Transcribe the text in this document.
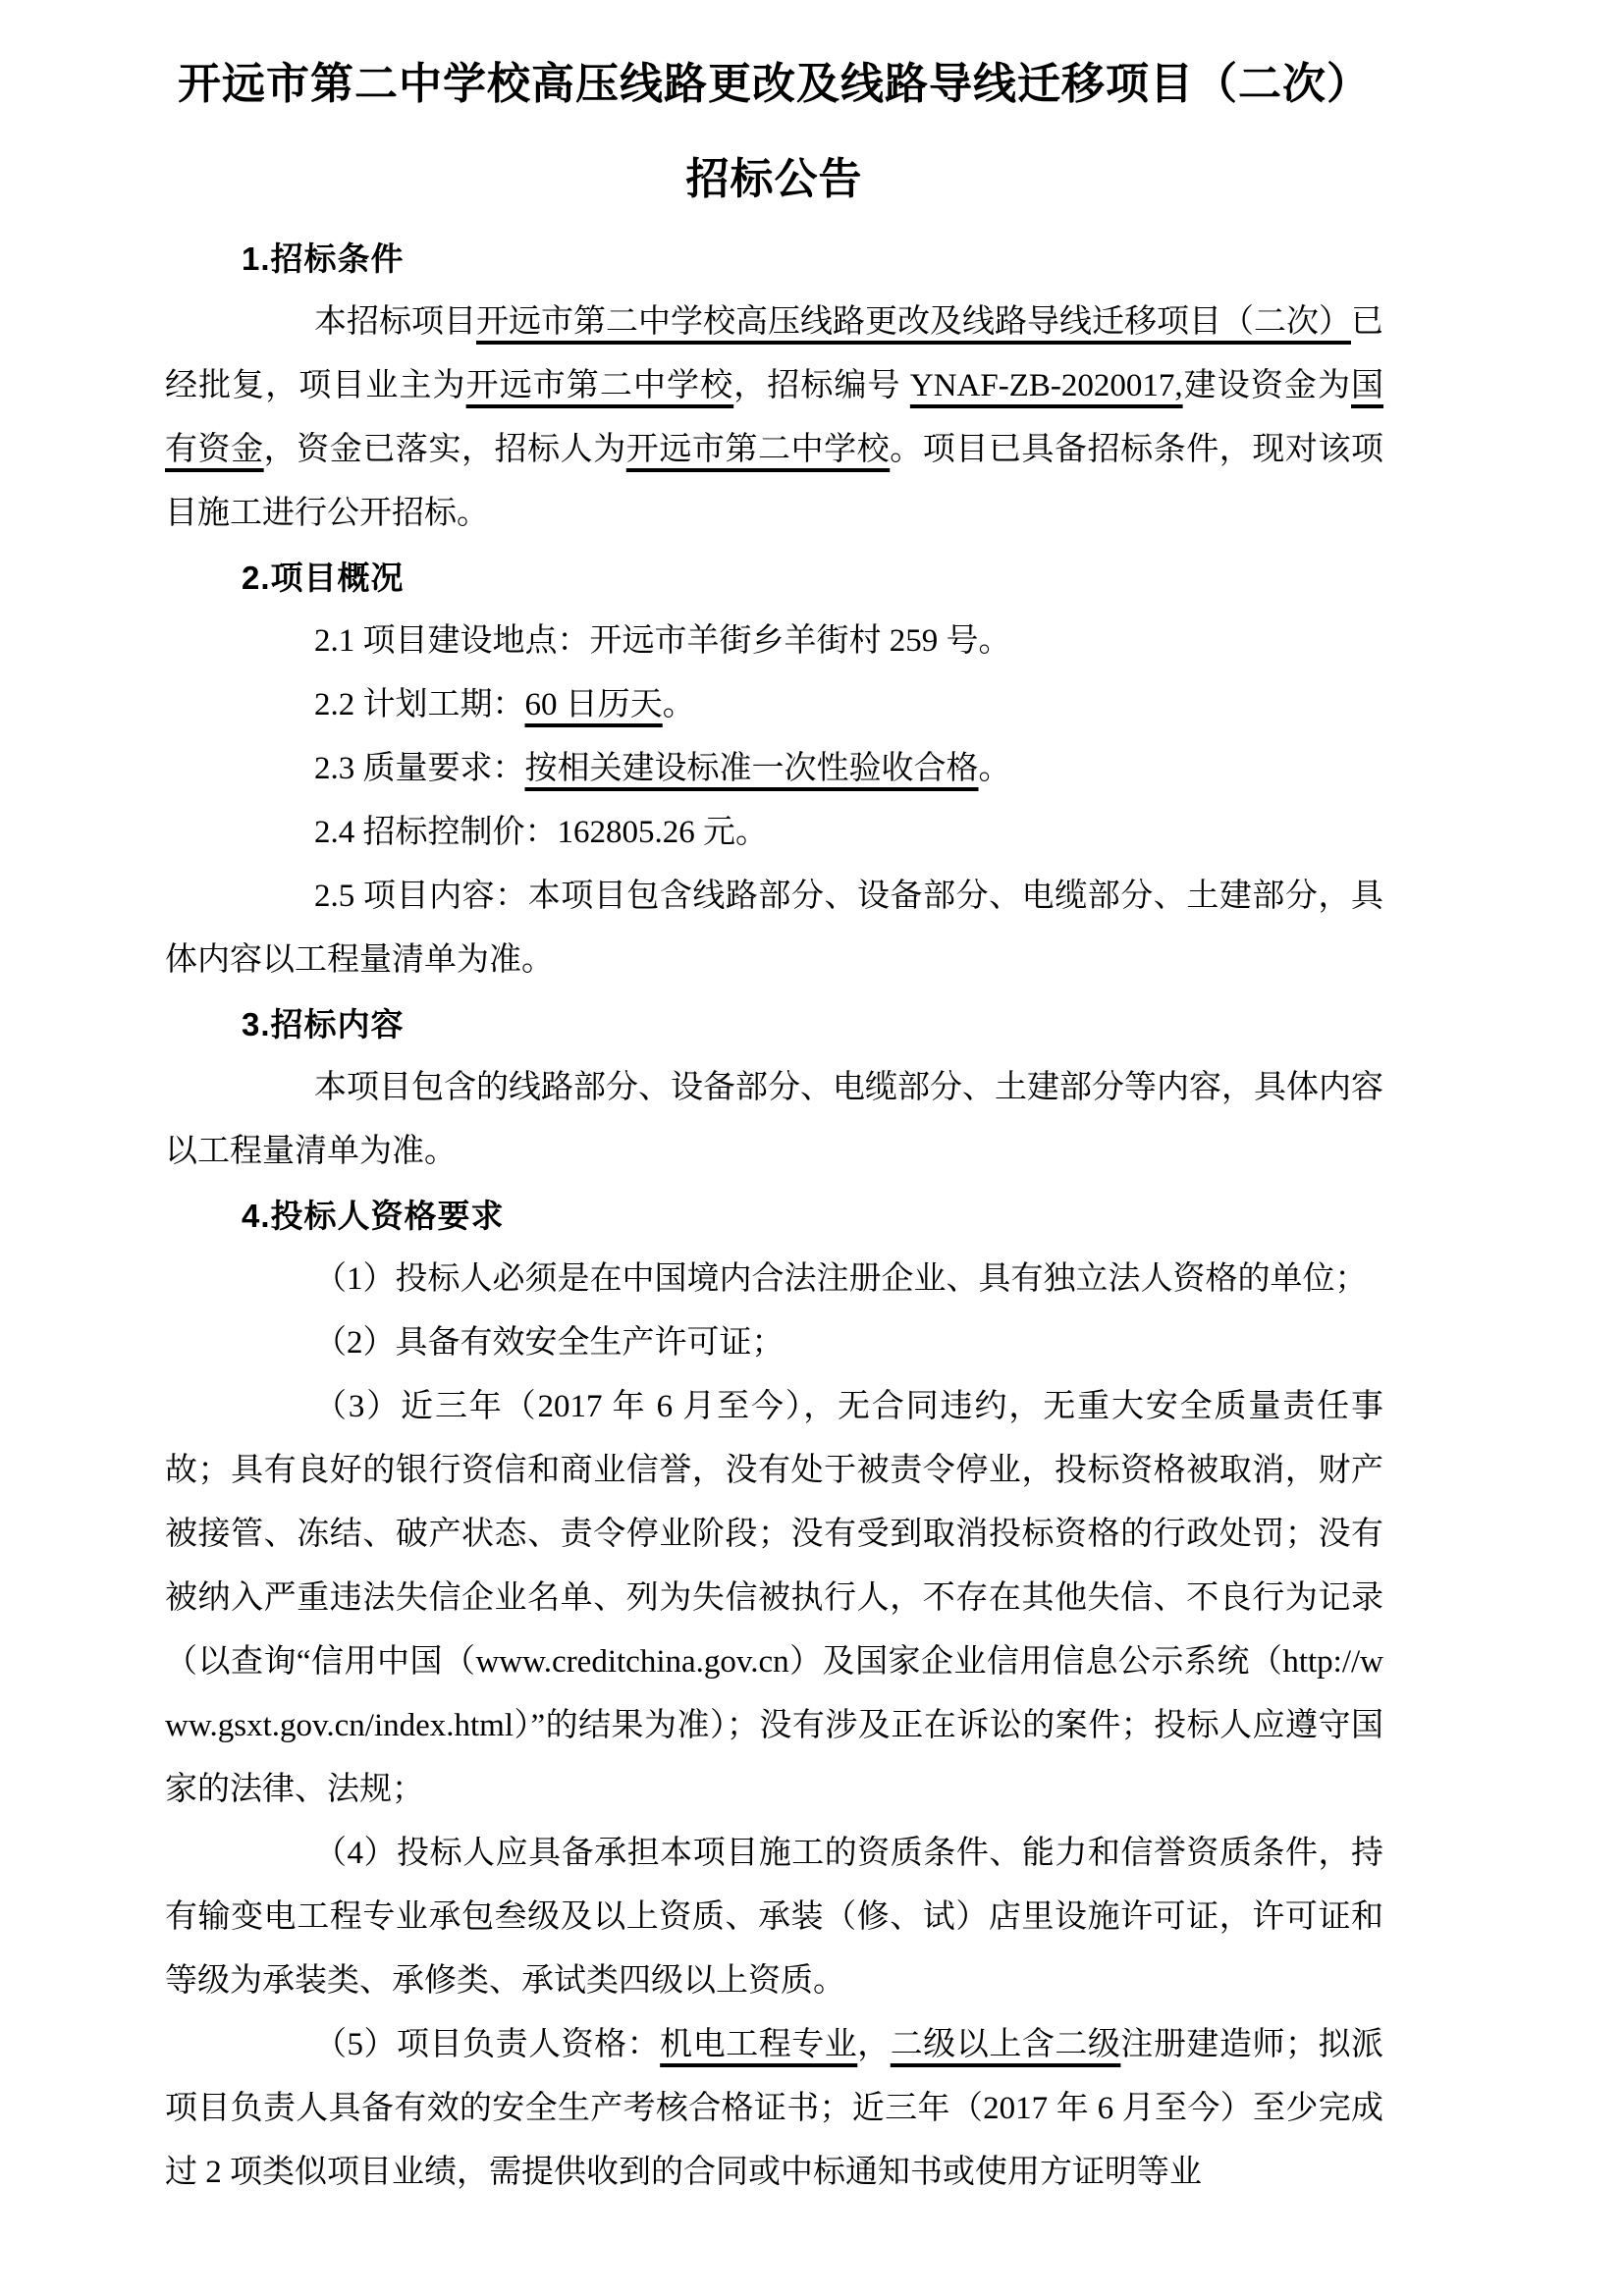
开远市第二中学校高压线路更改及线路导线迁移项目（二次）
招标公告
1.招标条件

本招标项目开远市第二中学校高压线路更改及线路导线迁移项目（二次）已经批复，项目业主为开远市第二中学校，招标编号 YNAF-ZB-2020017,建设资金为国有资金，资金已落实，招标人为开远市第二中学校。项目已具备招标条件，现对该项目施工进行公开招标。

2.项目概况

2.1 项目建设地点：开远市羊街乡羊街村 259 号。

2.2 计划工期：60 日历天。

2.3 质量要求：按相关建设标准一次性验收合格。

2.4 招标控制价：162805.26 元。

2.5 项目内容：本项目包含线路部分、设备部分、电缆部分、土建部分，具体内容以工程量清单为准。

3.招标内容

本项目包含的线路部分、设备部分、电缆部分、土建部分等内容，具体内容以工程量清单为准。

4.投标人资格要求

（1）投标人必须是在中国境内合法注册企业、具有独立法人资格的单位；

（2）具备有效安全生产许可证；

（3）近三年（2017 年 6 月至今），无合同违约，无重大安全质量责任事故；具有良好的银行资信和商业信誉，没有处于被责令停业，投标资格被取消，财产被接管、冻结、破产状态、责令停业阶段；没有受到取消投标资格的行政处罚；没有被纳入严重违法失信企业名单、列为失信被执行人，不存在其他失信、不良行为记录（以查询“信用中国（www.creditchina.gov.cn）及国家企业信用信息公示系统（http://www.gsxt.gov.cn/index.html）”的结果为准）；没有涉及正在诉讼的案件；投标人应遵守国家的法律、法规；

（4）投标人应具备承担本项目施工的资质条件、能力和信誉资质条件，持有输变电工程专业承包叁级及以上资质、承装（修、试）店里设施许可证，许可证和等级为承装类、承修类、承试类四级以上资质。

（5）项目负责人资格：机电工程专业，二级以上含二级注册建造师；拟派项目负责人具备有效的安全生产考核合格证书；近三年（2017 年 6 月至今）至少完成过 2 项类似项目业绩，需提供收到的合同或中标通知书或使用方证明等业
